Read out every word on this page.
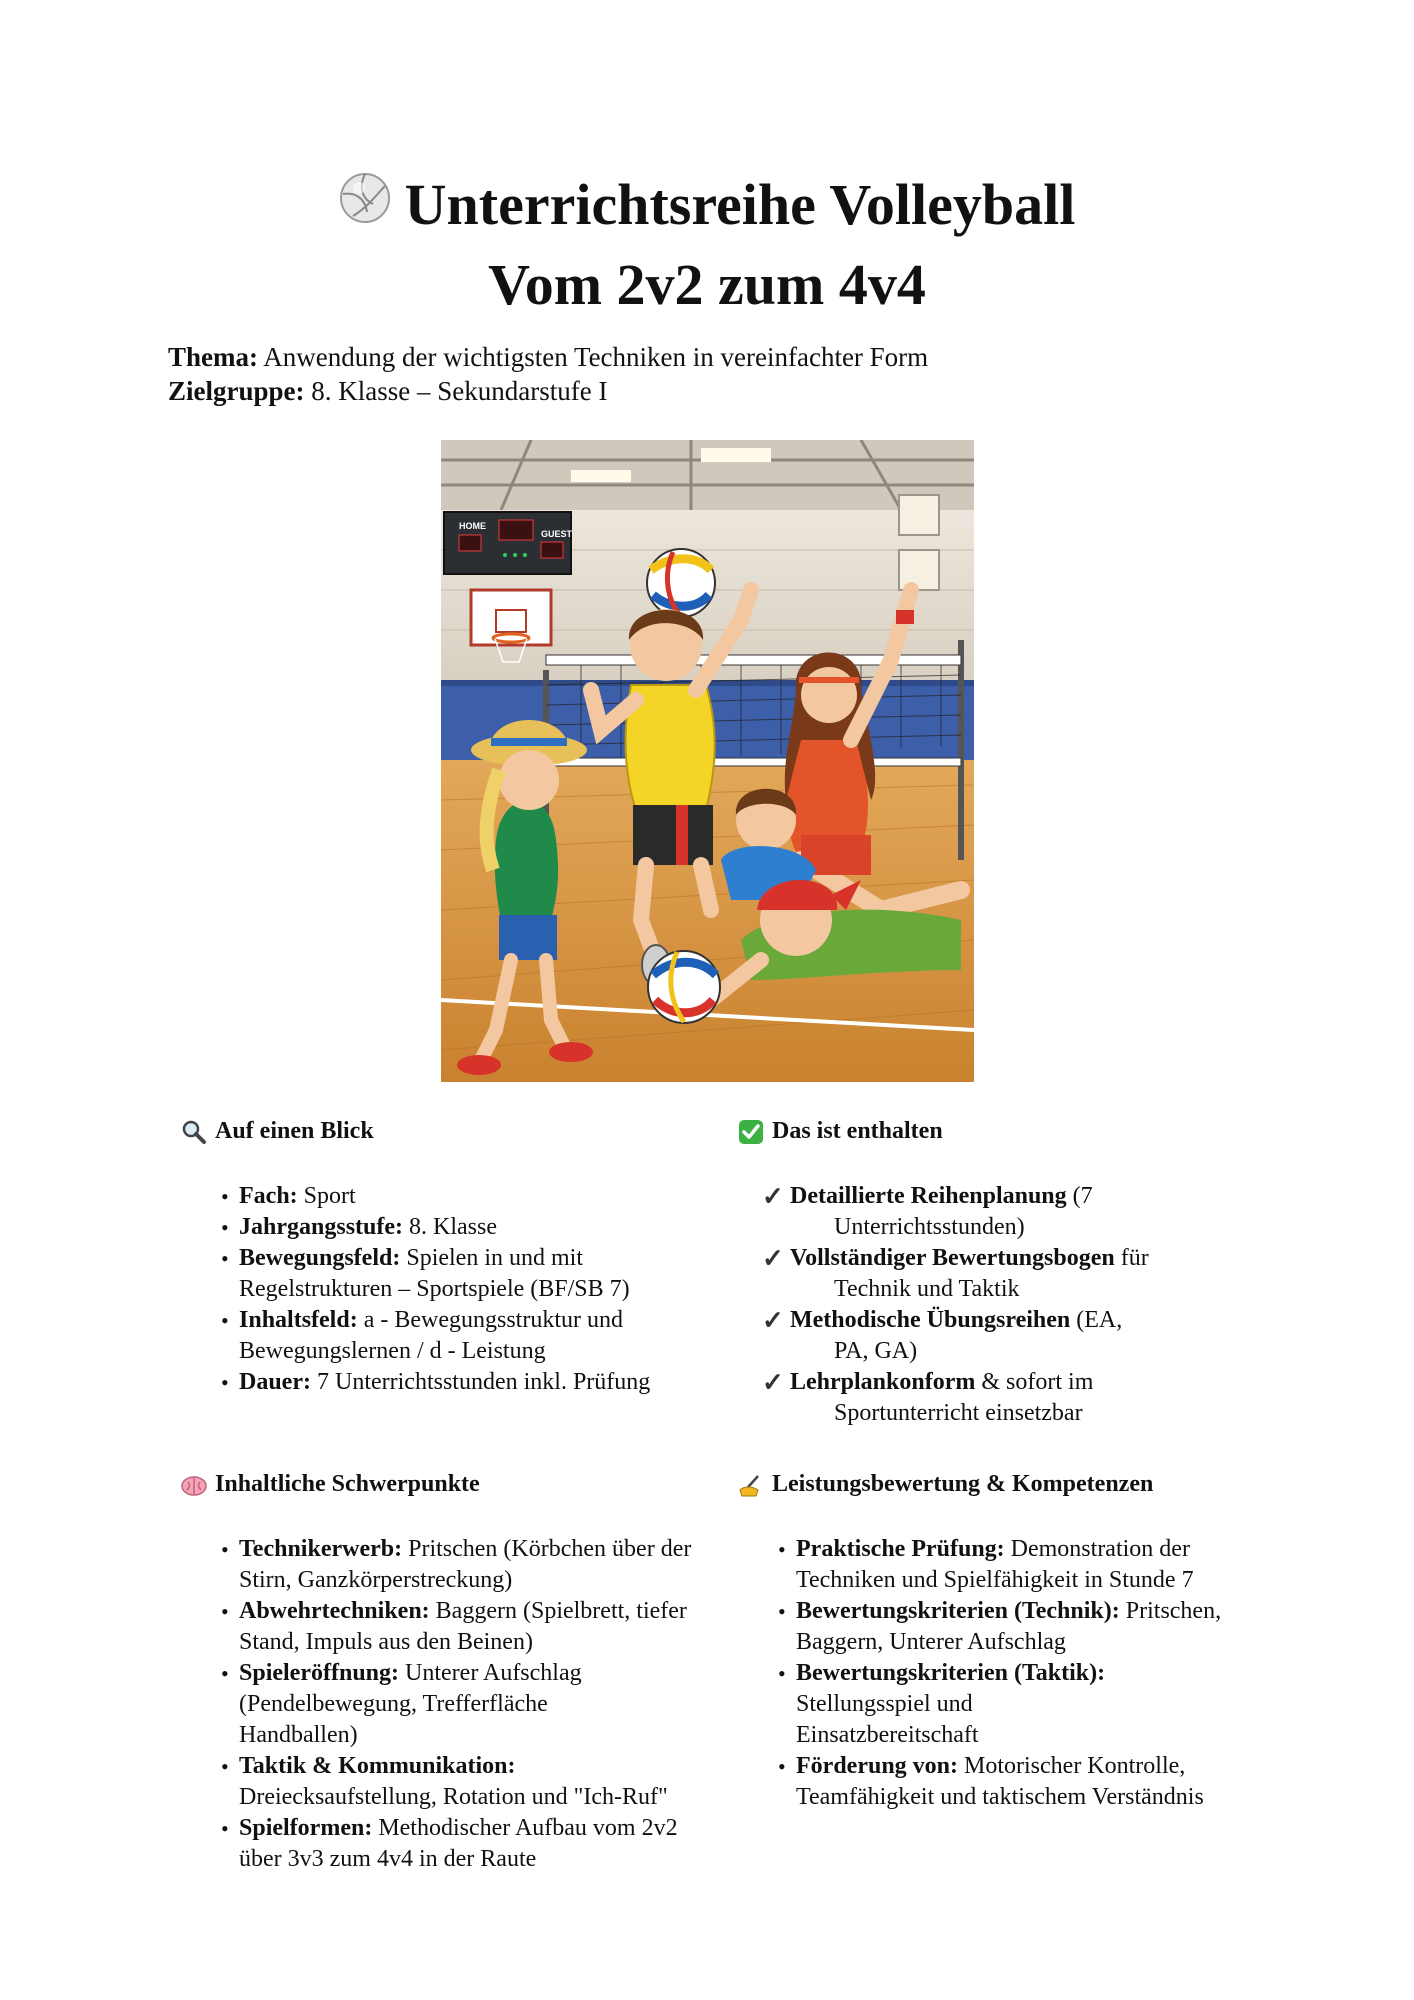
Unterrichtsreihe Volleyball
Vom 2v2 zum 4v4
Thema: Anwendung der wichtigsten Techniken in vereinfachter Form
Zielgruppe: 8. Klasse – Sekundarstufe I
HOME
GUEST
Auf einen Blick
• Fach: Sport
• Jahrgangsstufe: 8. Klasse
• Bewegungsfeld: Spielen in und mit Regelstrukturen – Sportspiele (BF/SB 7)
• Inhaltsfeld: a - Bewegungsstruktur und Bewegungslernen / d - Leistung
• Dauer: 7 Unterrichtsstunden inkl. Prüfung
Das ist enthalten
✓ Detaillierte Reihenplanung (7
Unterrichtsstunden)
✓ Vollständiger Bewertungsbogen für
Technik und Taktik
✓ Methodische Übungsreihen (EA,
PA, GA)
✓ Lehrplankonform & sofort im
Sportunterricht einsetzbar
Inhaltliche Schwerpunkte
• Technikerwerb: Pritschen (Körbchen über der Stirn, Ganzkörperstreckung)
• Abwehrtechniken: Baggern (Spielbrett, tiefer Stand, Impuls aus den Beinen)
• Spieleröffnung: Unterer Aufschlag (Pendelbewegung, Trefferfläche Handballen)
• Taktik & Kommunikation: Dreiecksaufstellung, Rotation und "Ich-Ruf"
• Spielformen: Methodischer Aufbau vom 2v2 über 3v3 zum 4v4 in der Raute
Leistungsbewertung & Kompetenzen
• Praktische Prüfung: Demonstration der Techniken und Spielfähigkeit in Stunde 7
• Bewertungskriterien (Technik): Pritschen, Baggern, Unterer Aufschlag
• Bewertungskriterien (Taktik): Stellungsspiel und Einsatzbereitschaft
• Förderung von: Motorischer Kontrolle, Teamfähigkeit und taktischem Verständnis
